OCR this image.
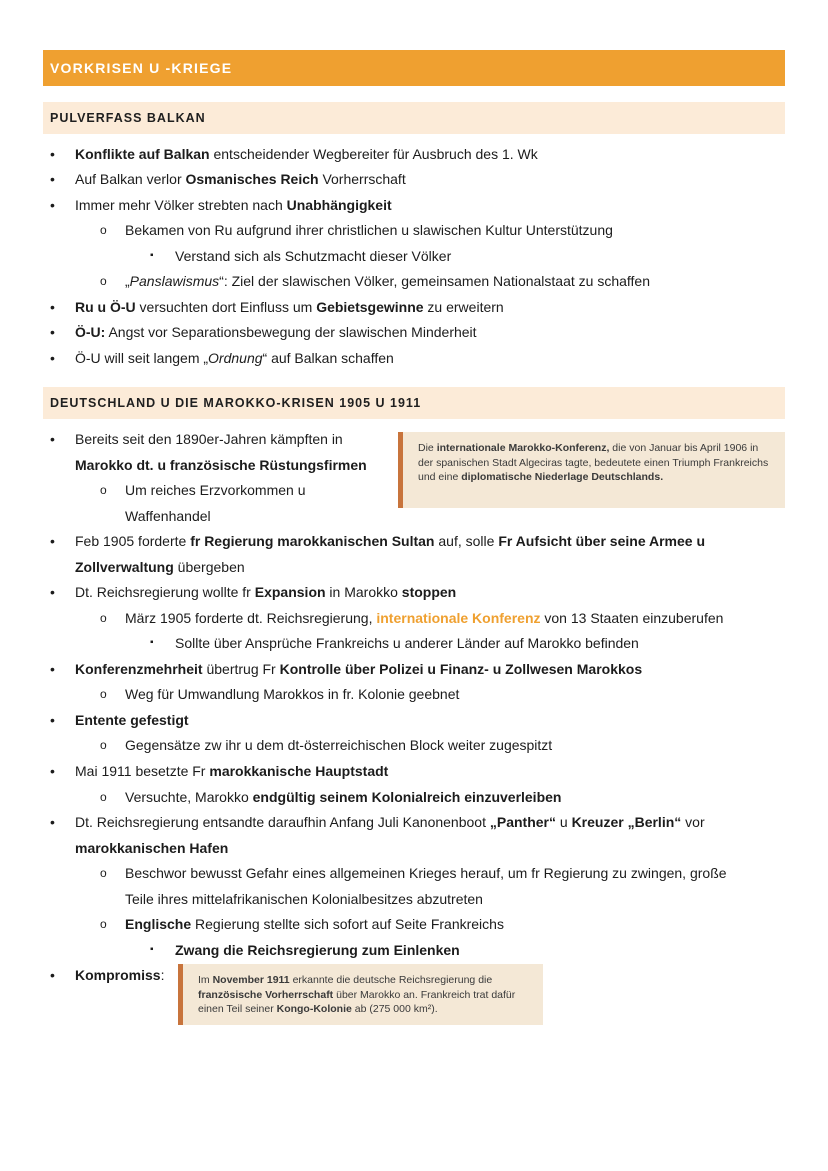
VORKRISEN U -KRIEGE
PULVERFASS BALKAN
• Konflikte auf Balkan entscheidender Wegbereiter für Ausbruch des 1. Wk
• Auf Balkan verlor Osmanisches Reich Vorherrschaft
• Immer mehr Völker strebten nach Unabhängigkeit
o Bekamen von Ru aufgrund ihrer christlichen u slawischen Kultur Unterstützung
▪ Verstand sich als Schutzmacht dieser Völker
o „Panslawismus“: Ziel der slawischen Völker, gemeinsamen Nationalstaat zu schaffen
• Ru u Ö-U versuchten dort Einfluss um Gebietsgewinne zu erweitern
• Ö-U: Angst vor Separationsbewegung der slawischen Minderheit
• Ö-U will seit langem „Ordnung“ auf Balkan schaffen
DEUTSCHLAND U DIE MAROKKO-KRISEN 1905 U 1911
• Bereits seit den 1890er-Jahren kämpften in
Marokko dt. u französische Rüstungsfirmen
o Um reiches Erzvorkommen u
Waffenhandel
Die internationale Marokko-Konferenz, die von Januar bis April 1906 in der spanischen Stadt Algeciras tagte, bedeutete einen Triumph Frankreichs und eine diplomatische Niederlage Deutschlands.
• Feb 1905 forderte fr Regierung marokkanischen Sultan auf, solle Fr Aufsicht über seine Armee u
Zollverwaltung übergeben
• Dt. Reichsregierung wollte fr Expansion in Marokko stoppen
o März 1905 forderte dt. Reichsregierung, internationale Konferenz von 13 Staaten einzuberufen
▪ Sollte über Ansprüche Frankreichs u anderer Länder auf Marokko befinden
• Konferenzmehrheit übertrug Fr Kontrolle über Polizei u Finanz- u Zollwesen Marokkos
o Weg für Umwandlung Marokkos in fr. Kolonie geebnet
• Entente gefestigt
o Gegensätze zw ihr u dem dt-österreichischen Block weiter zugespitzt
• Mai 1911 besetzte Fr marokkanische Hauptstadt
o Versuchte, Marokko endgültig seinem Kolonialreich einzuverleiben
• Dt. Reichsregierung entsandte daraufhin Anfang Juli Kanonenboot „Panther“ u Kreuzer „Berlin“ vor
marokkanischen Hafen
o Beschwor bewusst Gefahr eines allgemeinen Krieges herauf, um fr Regierung zu zwingen, große
Teile ihres mittelafrikanischen Kolonialbesitzes abzutreten
o Englische Regierung stellte sich sofort auf Seite Frankreichs
▪ Zwang die Reichsregierung zum Einlenken
• Kompromiss:	Im November 1911 erkannte die deutsche Reichsregierung die französische Vorherrschaft über Marokko an. Frankreich trat dafür einen Teil seiner Kongo-Kolonie ab (275 000 km²).
